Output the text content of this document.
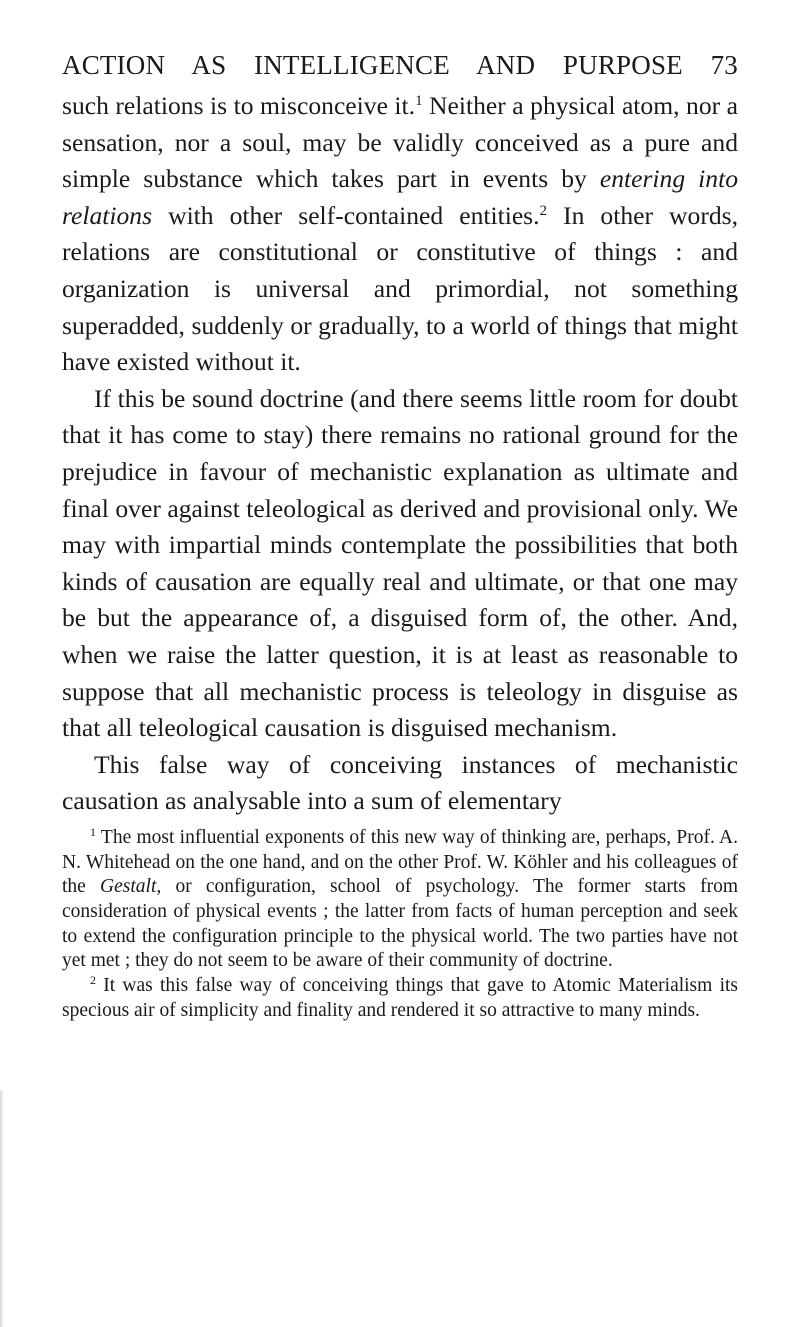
ACTION AS INTELLIGENCE AND PURPOSE 73

such relations is to misconceive it.$^1$ Neither a physical atom, nor a sensation, nor a soul, may be validly conceived as a pure and simple substance which takes part in events by entering into relations with other self-contained entities.$^2$ In other words, relations are constitutional or constitutive of things : and organization is universal and primordial, not something superadded, suddenly or gradually, to a world of things that might have existed without it.

If this be sound doctrine (and there seems little room for doubt that it has come to stay) there remains no rational ground for the prejudice in favour of mechanistic explanation as ultimate and final over against teleological as derived and provisional only. We may with impartial minds contemplate the possibilities that both kinds of causation are equally real and ultimate, or that one may be but the appearance of, a disguised form of, the other. And, when we raise the latter question, it is at least as reasonable to suppose that all mechanistic process is teleology in disguise as that all teleological causation is disguised mechanism.

This false way of conceiving instances of mechanistic causation as analysable into a sum of elementary

$^1$ The most influential exponents of this new way of thinking are, perhaps, Prof. A. N. Whitehead on the one hand, and on the other Prof. W. Köhler and his colleagues of the Gestalt, or configuration, school of psychology. The former starts from consideration of physical events ; the latter from facts of human perception and seek to extend the configuration principle to the physical world. The two parties have not yet met ; they do not seem to be aware of their community of doctrine.

$^2$ It was this false way of conceiving things that gave to Atomic Materialism its specious air of simplicity and finality and rendered it so attractive to many minds.
